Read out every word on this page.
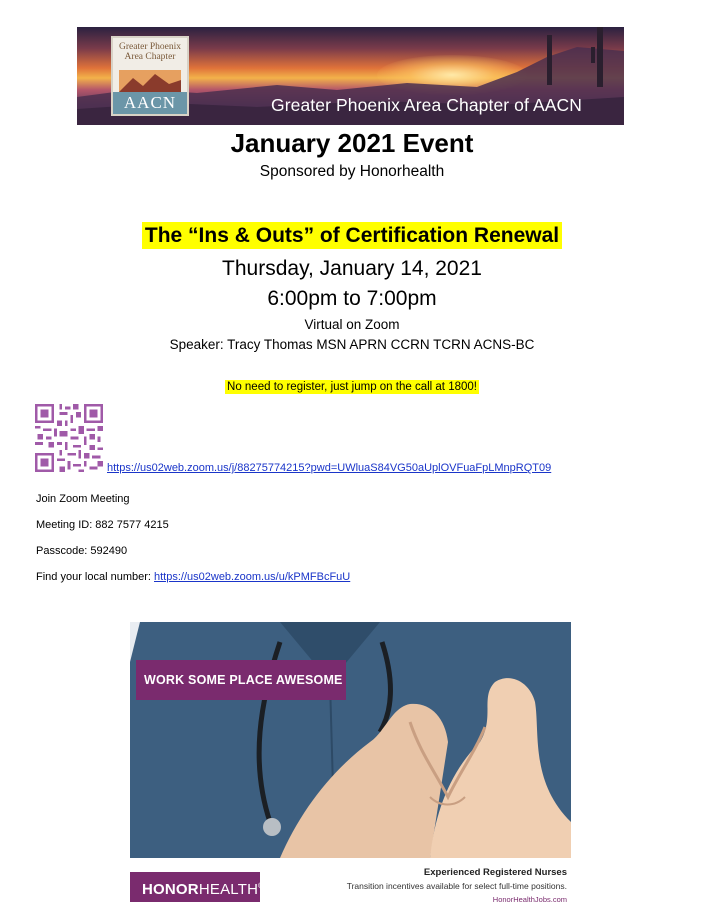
Greater Phoenix Area Chapter
AACN	Greater Phoenix Area Chapter of AACN
January 2021 Event
Sponsored by Honorhealth
The “Ins & Outs” of Certification Renewal
Thursday, January 14, 2021
6:00pm to 7:00pm
Virtual on Zoom
Speaker: Tracy Thomas MSN APRN CCRN TCRN ACNS-BC
No need to register, just jump on the call at 1800!
https://us02web.zoom.us/j/88275774215?pwd=UWluaS84VG50aUplOVFuaFpLMnpRQT09
Join Zoom Meeting
Meeting ID: 882 7577 4215
Passcode: 592490
Find your local number: https://us02web.zoom.us/u/kPMFBcFuU
WORK SOME PLACE AWESOME
HONORHEALTH®
Experienced Registered Nurses
Transition incentives available for select full-time positions.
HonorHealthJobs.com
